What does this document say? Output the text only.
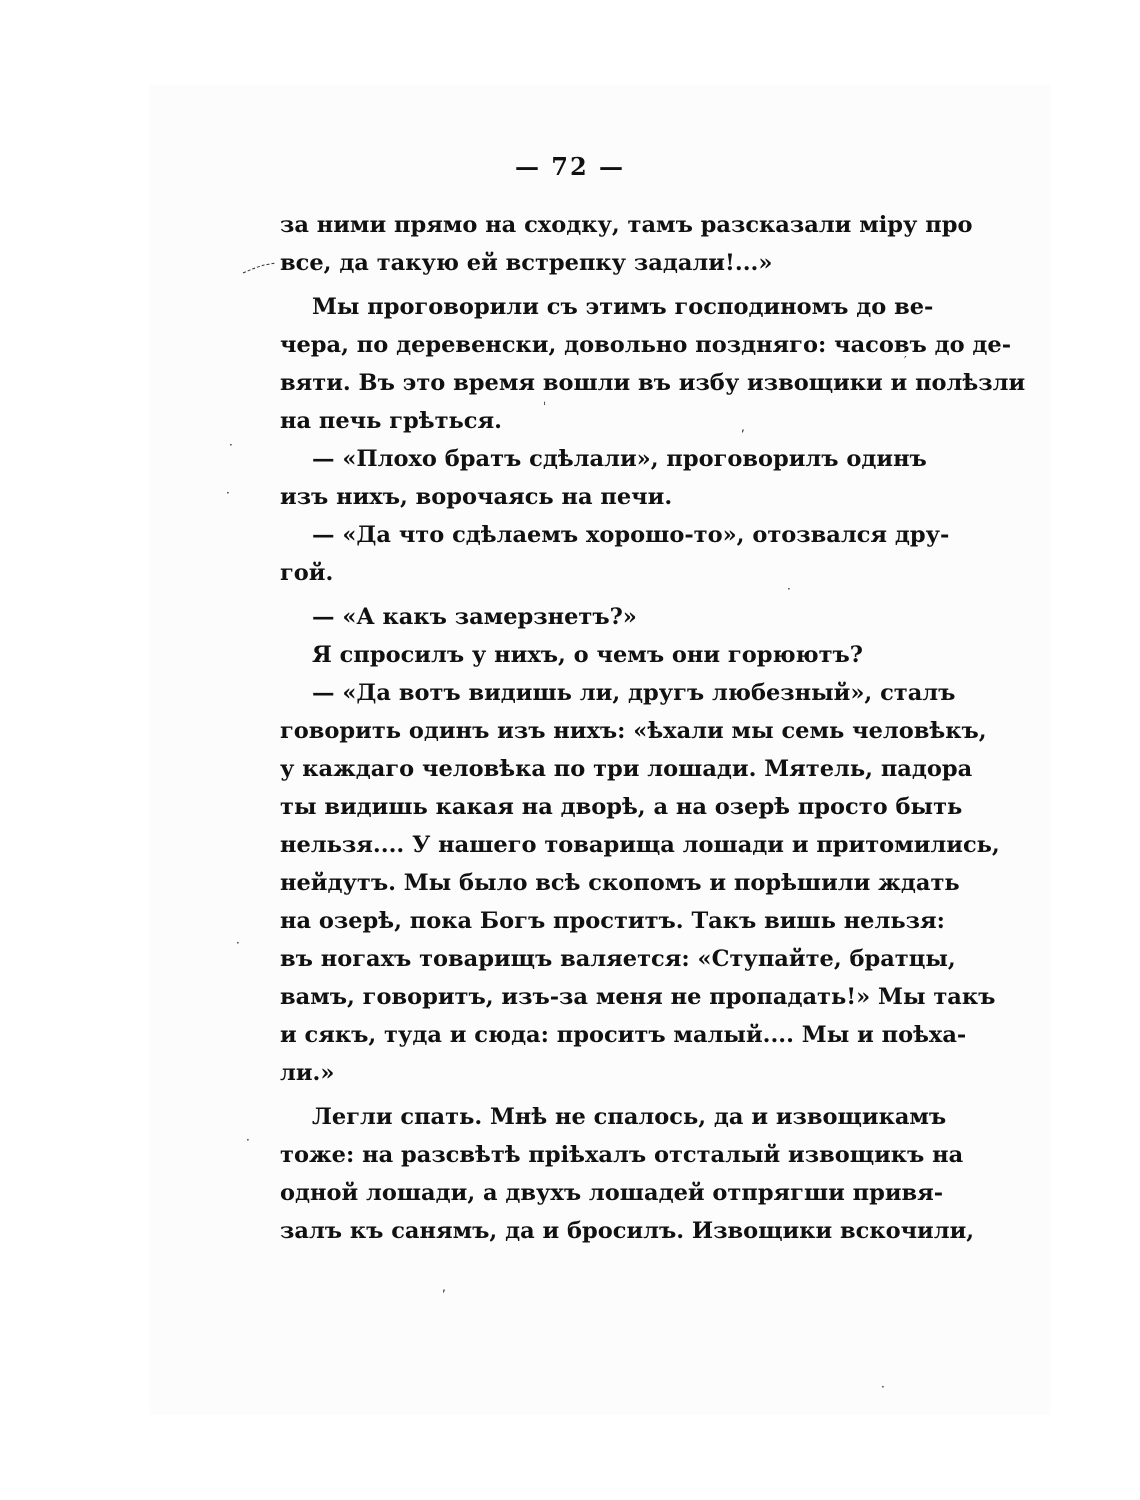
— 72 —
за ними прямо на сходку, тамъ разсказали міру про
все, да такую ей встрепку задали!...»
Мы проговорили съ этимъ господиномъ до ве-
чера, по деревенски, довольно поздняго: часовъ до де-
вяти. Въ это время вошли въ избу извощики и полѣзли
на печь грѣться.
— «Плохо братъ сдѣлали», проговорилъ одинъ
изъ нихъ, ворочаясь на печи.
— «Да что сдѣлаемъ хорошо-то», отозвался дру-
гой.
— «А какъ замерзнетъ?»
Я спросилъ у нихъ, о чемъ они горюютъ?
— «Да вотъ видишь ли, другъ любезный», сталъ
говорить одинъ изъ нихъ: «ѣхали мы семь человѣкъ,
у каждаго человѣка по три лошади. Мятель, падора
ты видишь какая на дворѣ, а на озерѣ просто быть
нельзя.... У нашего товарища лошади и притомились,
нейдутъ. Мы было всѣ скопомъ и порѣшили ждать
на озерѣ, пока Богъ проститъ. Такъ вишь нельзя:
въ ногахъ товарищъ валяется: «Ступайте, братцы,
вамъ, говоритъ, изъ-за меня не пропадать!» Мы такъ
и сякъ, туда и сюда: проситъ малый.... Мы и поѣха-
ли.»
Легли спать. Мнѣ не спалось, да и извощикамъ
тоже: на разсвѣтѣ пріѣхалъ отсталый извощикъ на
одной лошади, а двухъ лошадей отпрягши привя-
залъ къ санямъ, да и бросилъ. Извощики вскочили,
′
ˈ
,
·
·
·
·
·
,
·
